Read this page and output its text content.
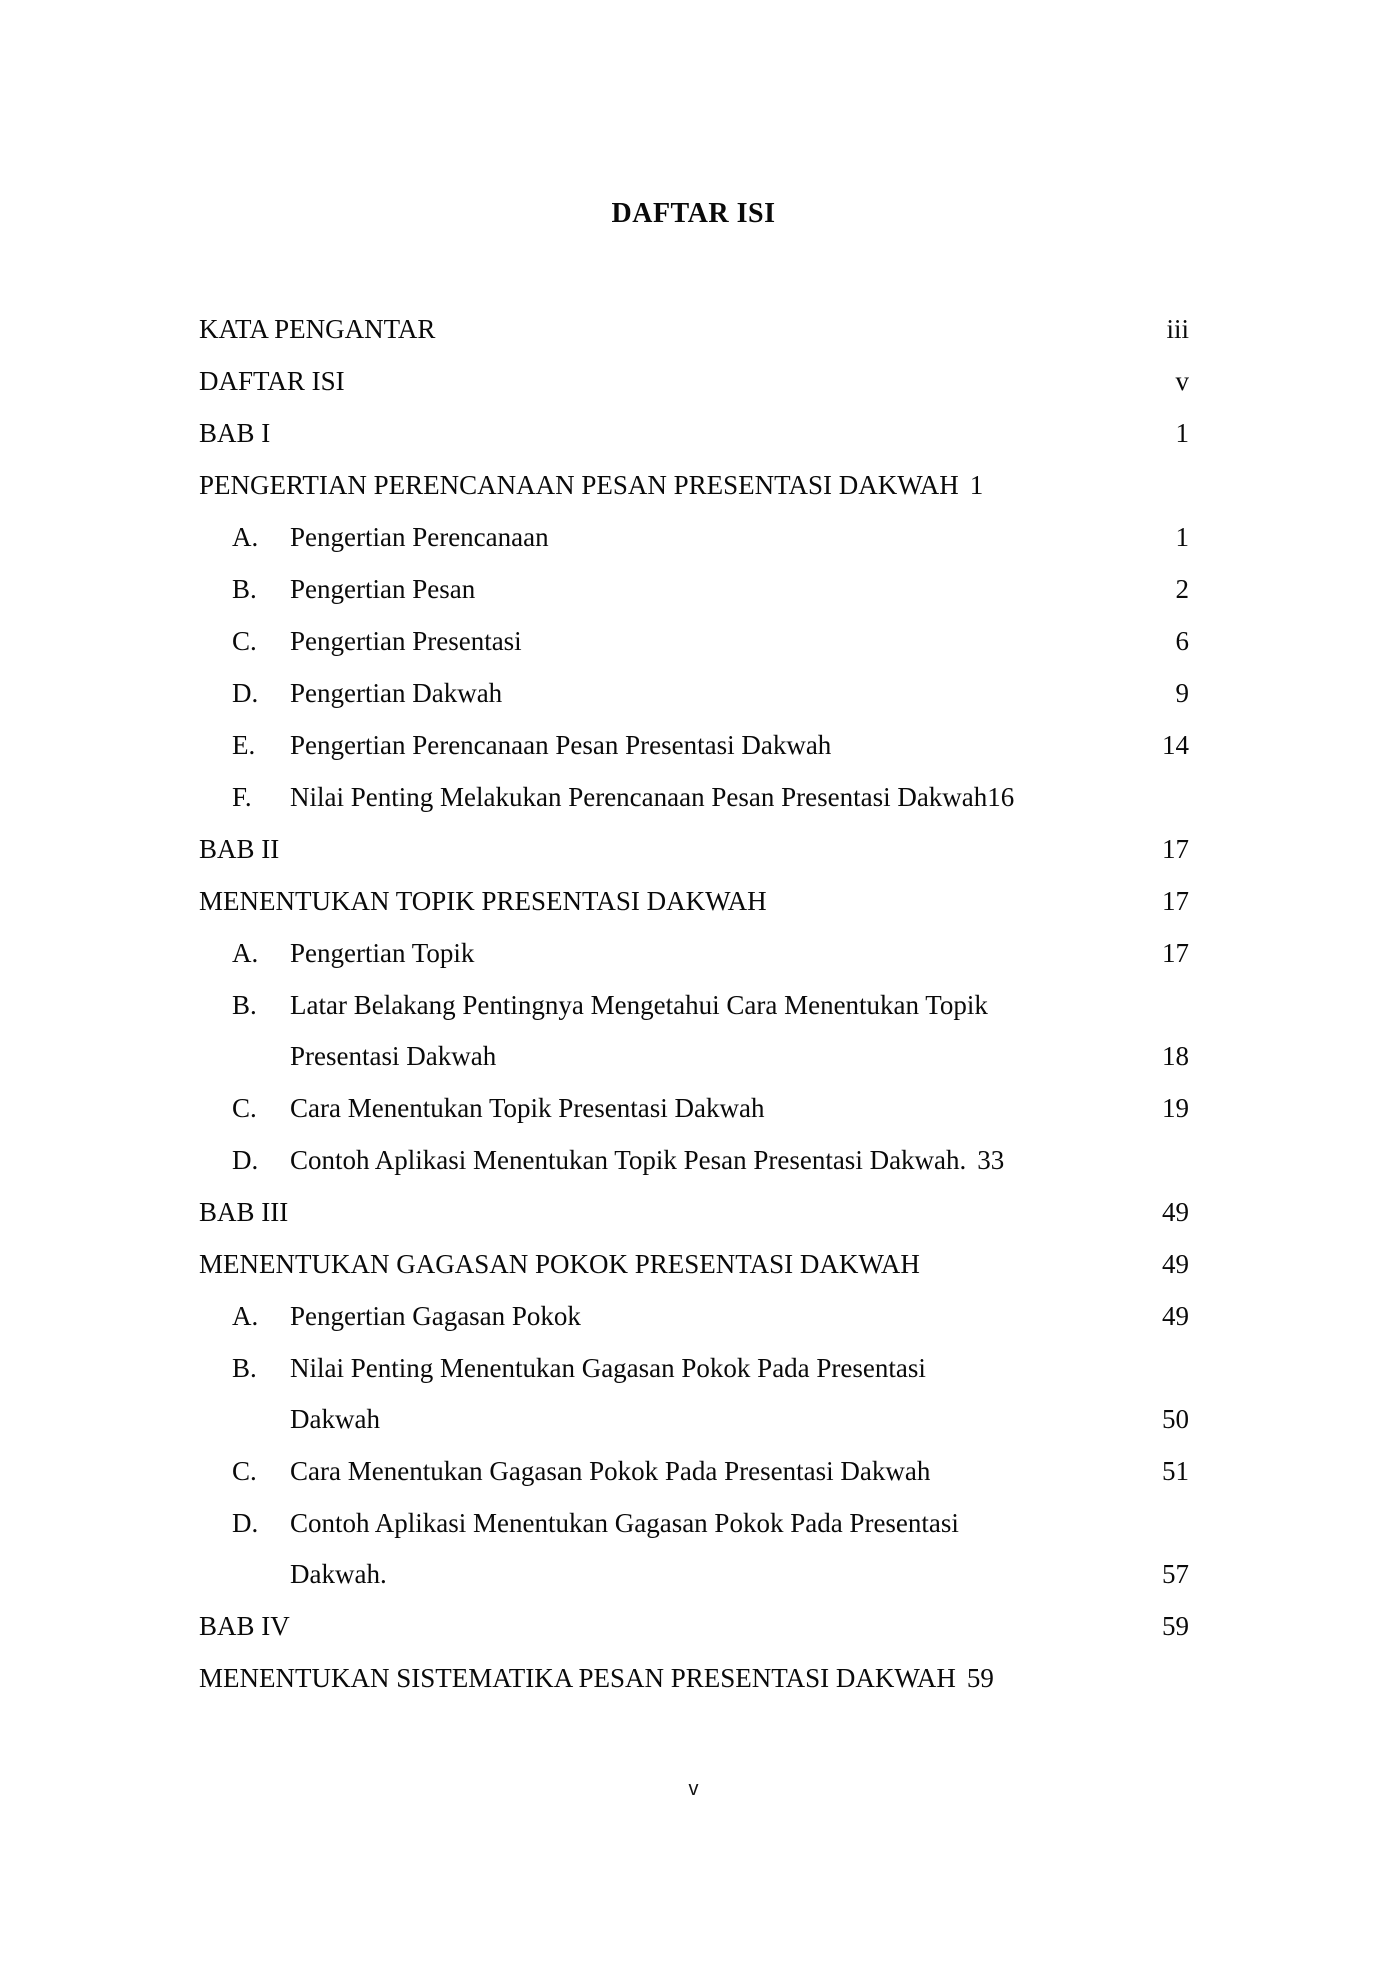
DAFTAR ISI
KATA PENGANTAR	iii
DAFTAR ISI	v
BAB I	1
PENGERTIAN PERENCANAAN PESAN PRESENTASI DAKWAH 1
A.	Pengertian Perencanaan	1
B.	Pengertian Pesan	2
C.	Pengertian Presentasi	6
D.	Pengertian Dakwah	9
E.	Pengertian Perencanaan Pesan Presentasi Dakwah	14
F.	Nilai Penting Melakukan Perencanaan Pesan Presentasi Dakwah 16
BAB II	17
MENENTUKAN TOPIK PRESENTASI DAKWAH	17
A.	Pengertian Topik	17
B.	Latar Belakang Pentingnya Mengetahui Cara Menentukan Topik
Presentasi Dakwah	18
C.	Cara Menentukan Topik Presentasi Dakwah	19
D.	Contoh Aplikasi Menentukan Topik Pesan Presentasi Dakwah. 33
BAB III	49
MENENTUKAN GAGASAN POKOK PRESENTASI DAKWAH	49
A.	Pengertian Gagasan Pokok	49
B.	Nilai Penting Menentukan Gagasan Pokok Pada Presentasi
Dakwah	50
C.	Cara Menentukan Gagasan Pokok Pada Presentasi Dakwah	51
D.	Contoh Aplikasi Menentukan Gagasan Pokok Pada Presentasi
Dakwah.	57
BAB IV	59
MENENTUKAN SISTEMATIKA PESAN PRESENTASI DAKWAH 59
v
